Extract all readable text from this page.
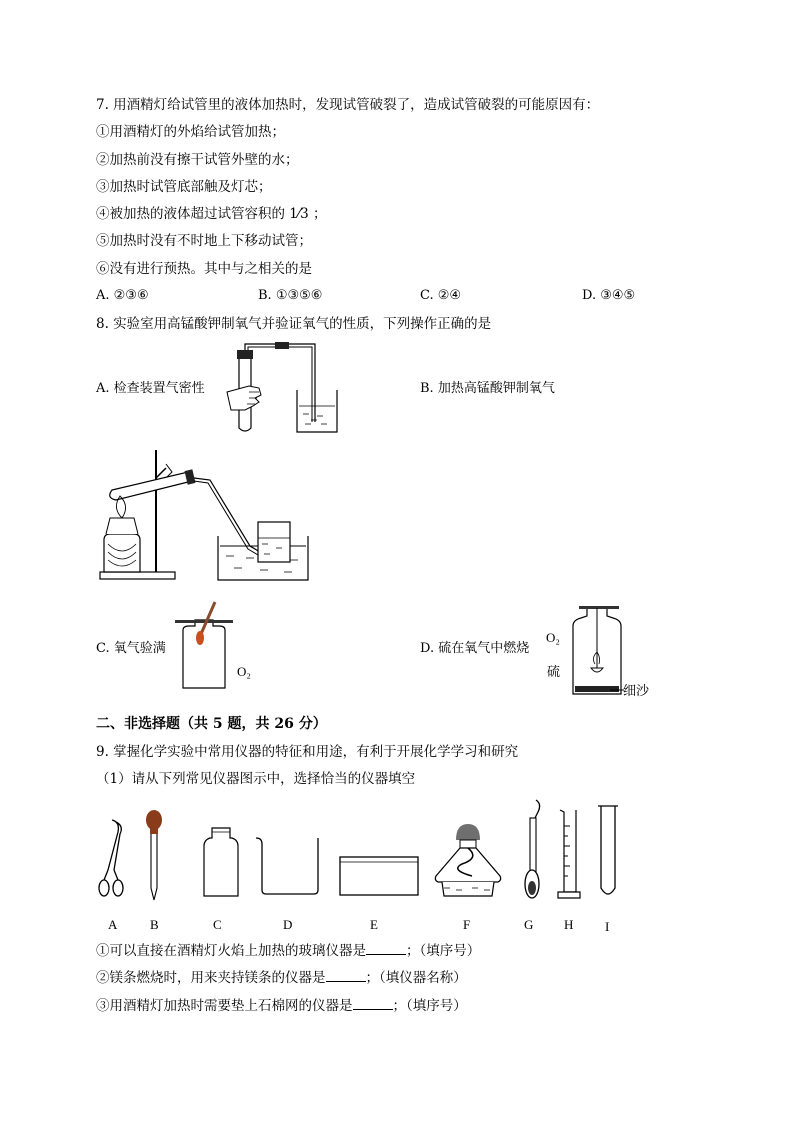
7. 用酒精灯给试管里的液体加热时，发现试管破裂了，造成试管破裂的可能原因有：
①用酒精灯的外焰给试管加热；
②加热前没有擦干试管外壁的水；
③加热时试管底部触及灯芯；
④被加热的液体超过试管容积的 1⁄3 ；
⑤加热时没有不时地上下移动试管；
⑥没有进行预热。其中与之相关的是
A. ②③⑥	B. ①③⑤⑥	C. ②④	D. ③④⑤
8. 实验室用高锰酸钾制氧气并验证氧气的性质，下列操作正确的是
A. 检查装置气密性	B. 加热高锰酸钾制氧气
C. 氧气验满	D. 硫在氧气中燃烧
O₂
O₂
硫
细沙
二、非选择题（共 5 题，共 26 分）
9. 掌握化学实验中常用仪器的特征和用途，有利于开展化学学习和研究
（1）请从下列常见仪器图示中，选择恰当的仪器填空
A	B	C	D	E	F	G H I
①可以直接在酒精灯火焰上加热的玻璃仪器是	；（填序号）
②镁条燃烧时，用来夹持镁条的仪器是	；（填仪器名称）
③用酒精灯加热时需要垫上石棉网的仪器是	；（填序号）
